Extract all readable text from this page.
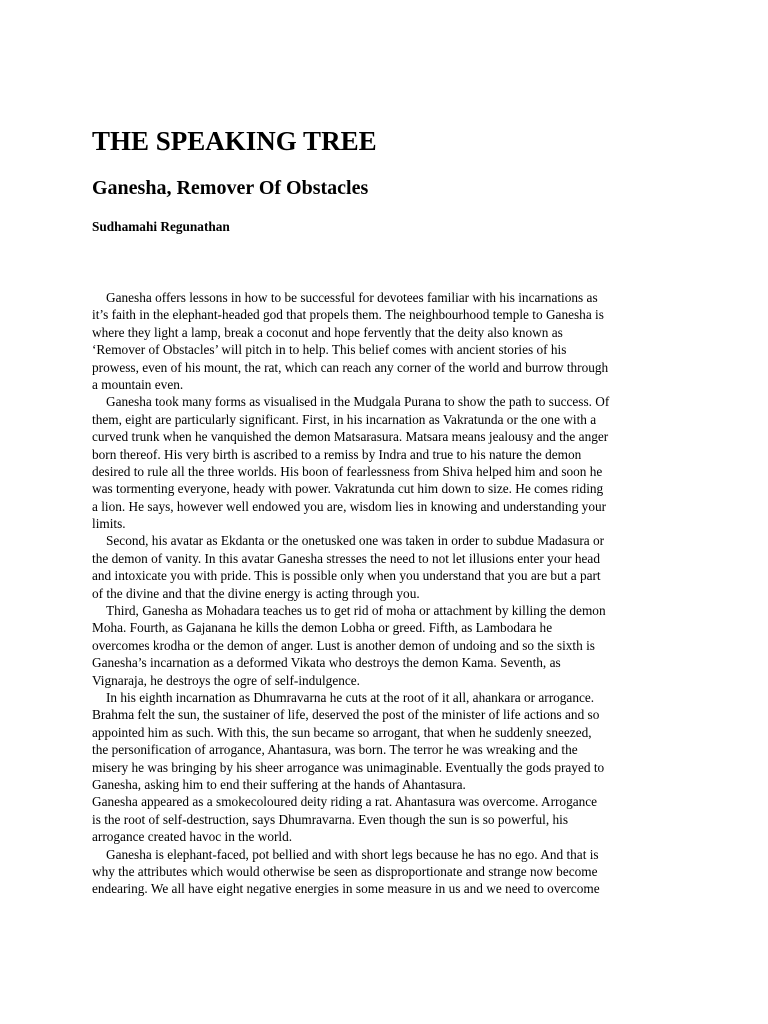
THE SPEAKING TREE
Ganesha, Remover Of Obstacles

Sudhamahi Regunathan

Ganesha offers lessons in how to be successful for devotees familiar with his incarnations as
it’s faith in the elephant-headed god that propels them. The neighbourhood temple to Ganesha is
where they light a lamp, break a coconut and hope fervently that the deity also known as
‘Remover of Obstacles’ will pitch in to help. This belief comes with ancient stories of his
prowess, even of his mount, the rat, which can reach any corner of the world and burrow through
a mountain even.
Ganesha took many forms as visualised in the Mudgala Purana to show the path to success. Of
them, eight are particularly significant. First, in his incarnation as Vakratunda or the one with a
curved trunk when he vanquished the demon Matsarasura. Matsara means jealousy and the anger
born thereof. His very birth is ascribed to a remiss by Indra and true to his nature the demon
desired to rule all the three worlds. His boon of fearlessness from Shiva helped him and soon he
was tormenting everyone, heady with power. Vakratunda cut him down to size. He comes riding
a lion. He says, however well endowed you are, wisdom lies in knowing and understanding your
limits.
Second, his avatar as Ekdanta or the onetusked one was taken in order to subdue Madasura or
the demon of vanity. In this avatar Ganesha stresses the need to not let illusions enter your head
and intoxicate you with pride. This is possible only when you understand that you are but a part
of the divine and that the divine energy is acting through you.
Third, Ganesha as Mohadara teaches us to get rid of moha or attachment by killing the demon
Moha. Fourth, as Gajanana he kills the demon Lobha or greed. Fifth, as Lambodara he
overcomes krodha or the demon of anger. Lust is another demon of undoing and so the sixth is
Ganesha’s incarnation as a deformed Vikata who destroys the demon Kama. Seventh, as
Vignaraja, he destroys the ogre of self-indulgence.
In his eighth incarnation as Dhumravarna he cuts at the root of it all, ahankara or arrogance.
Brahma felt the sun, the sustainer of life, deserved the post of the minister of life actions and so
appointed him as such. With this, the sun became so arrogant, that when he suddenly sneezed,
the personification of arrogance, Ahantasura, was born. The terror he was wreaking and the
misery he was bringing by his sheer arrogance was unimaginable. Eventually the gods prayed to
Ganesha, asking him to end their suffering at the hands of Ahantasura.
Ganesha appeared as a smokecoloured deity riding a rat. Ahantasura was overcome. Arrogance
is the root of self-destruction, says Dhumravarna. Even though the sun is so powerful, his
arrogance created havoc in the world.
Ganesha is elephant-faced, pot bellied and with short legs because he has no ego. And that is
why the attributes which would otherwise be seen as disproportionate and strange now become
endearing. We all have eight negative energies in some measure in us and we need to overcome
